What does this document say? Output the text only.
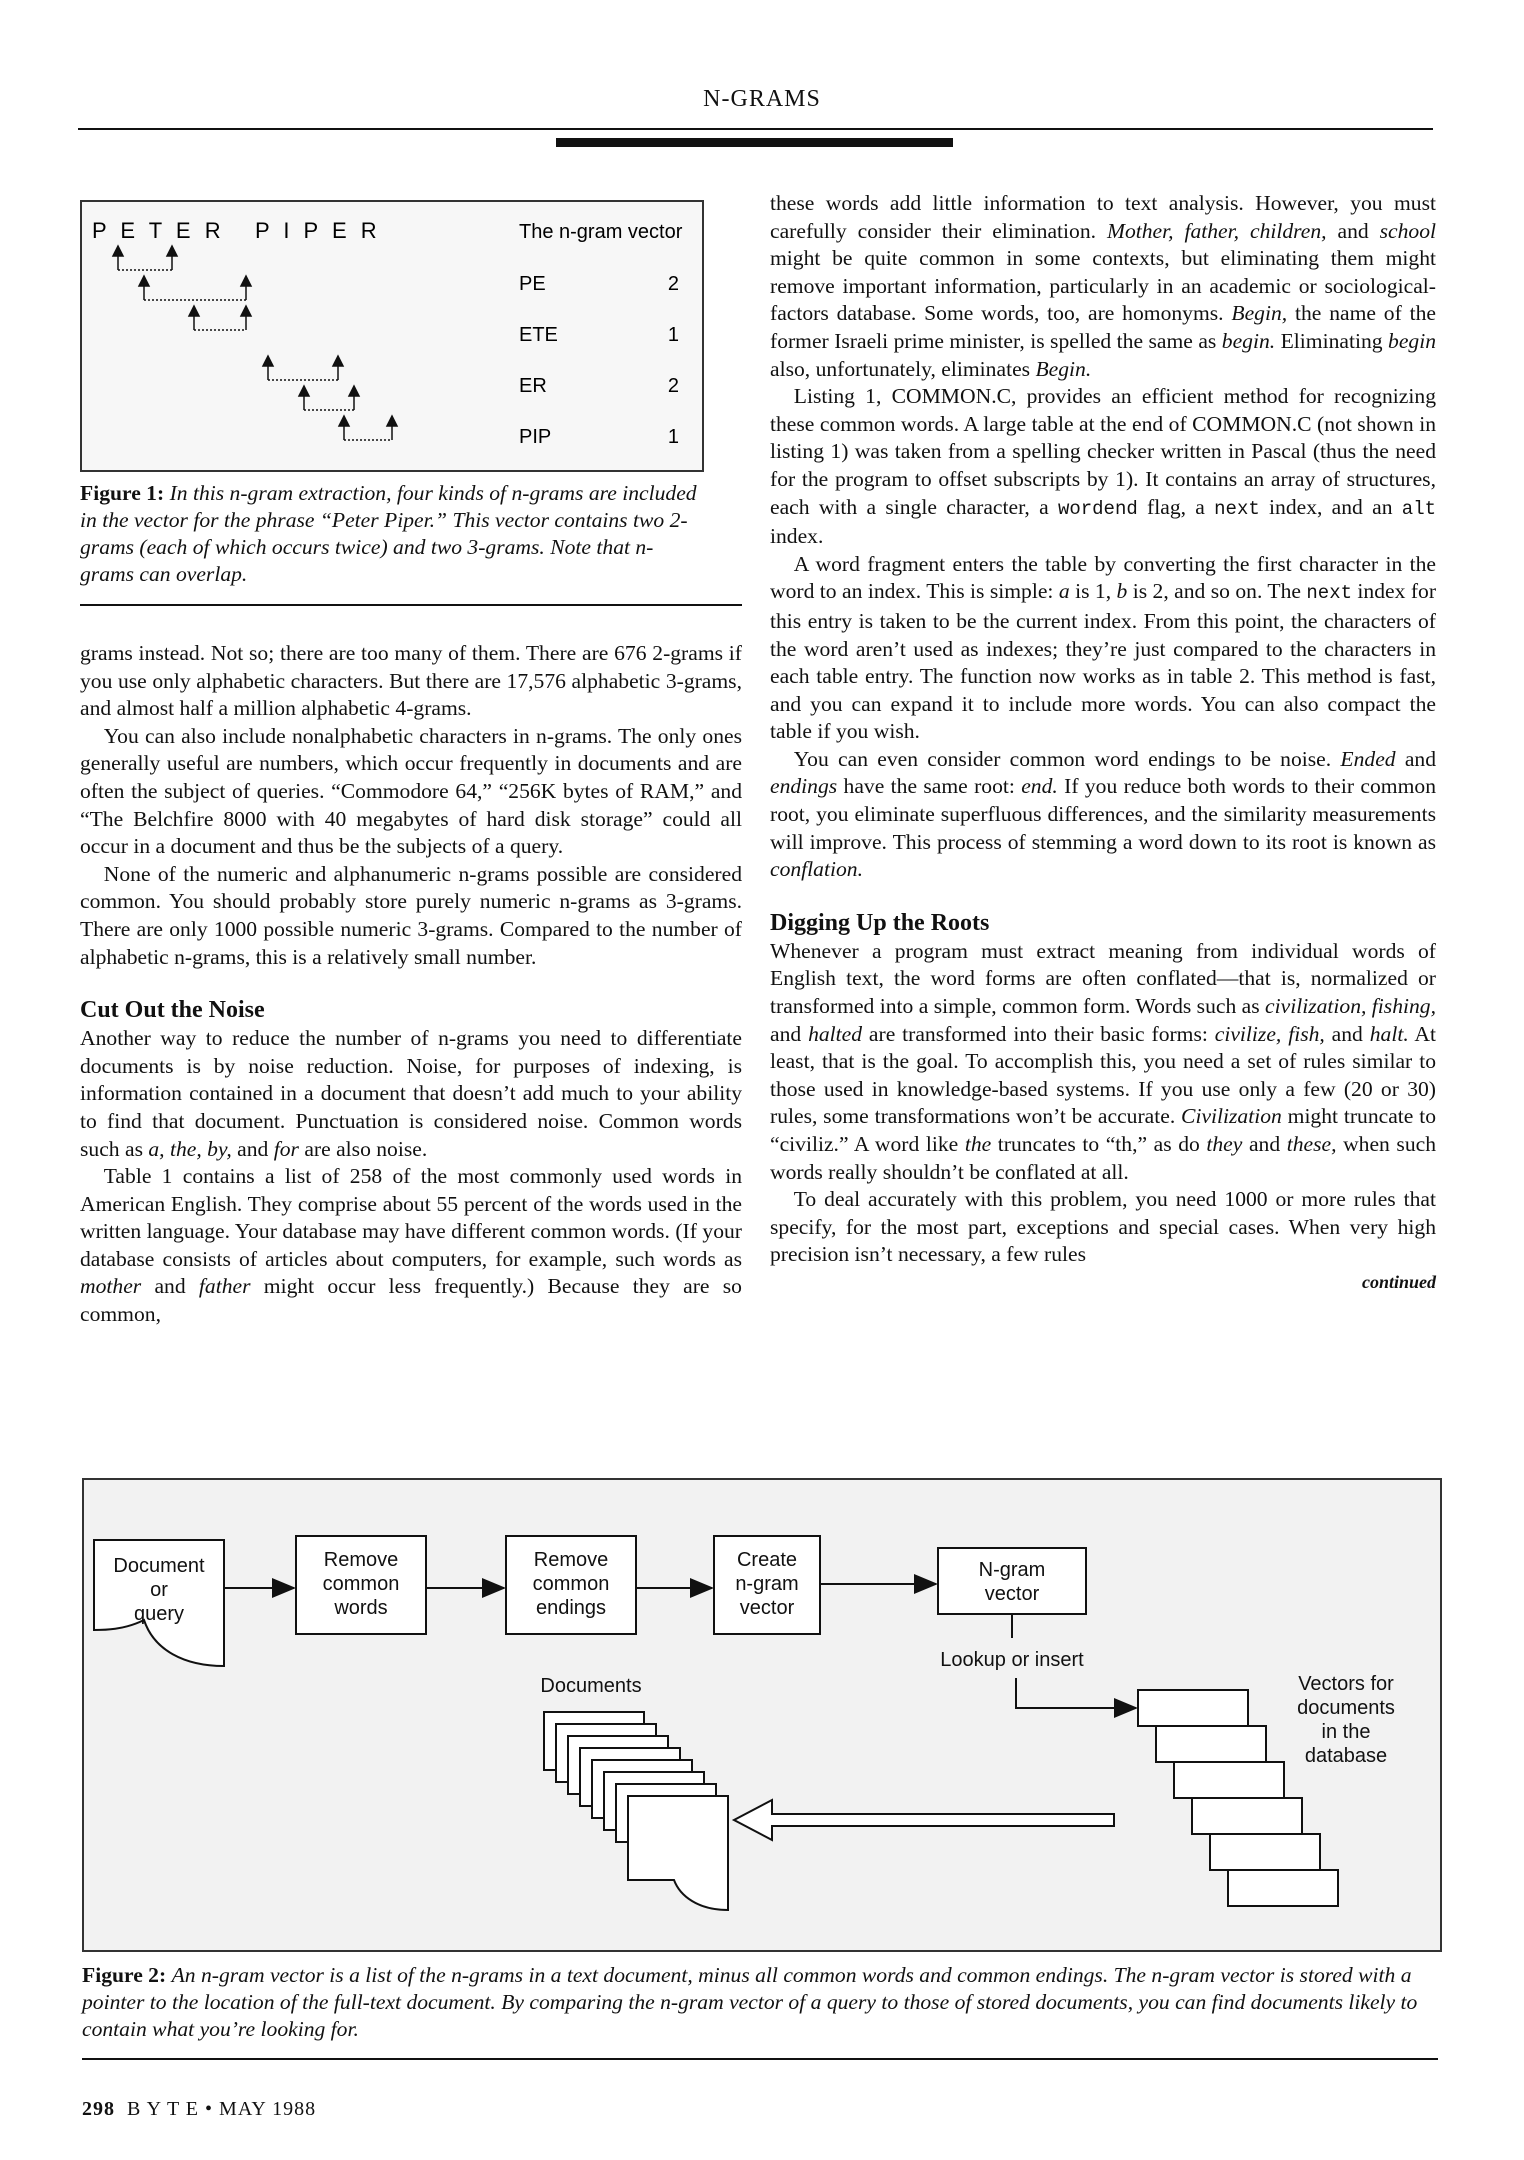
N-GRAMS
P E T E R   P I P E R	The n-gram vector
PE	2
ETE	1
ER	2
PIP	1
Figure 1: In this n-gram extraction, four kinds of n-grams are included in the vector for the phrase “Peter Piper.” This vector contains two 2-grams (each of which occurs twice) and two 3-grams. Note that n-grams can overlap.

grams instead. Not so; there are too many of them. There are 676 2-grams if you use only alphabetic characters. But there are 17,576 alphabetic 3-grams, and almost half a million alphabetic 4-grams.

You can also include nonalphabetic characters in n-grams. The only ones generally useful are numbers, which occur frequently in documents and are often the subject of queries. “Commodore 64,” “256K bytes of RAM,” and “The Belchfire 8000 with 40 megabytes of hard disk storage” could all occur in a document and thus be the subjects of a query.

None of the numeric and alphanumeric n-grams possible are considered common. You should probably store purely numeric n-grams as 3-grams. There are only 1000 possible numeric 3-grams. Compared to the number of alphabetic n-grams, this is a relatively small number.

Cut Out the Noise

Another way to reduce the number of n-grams you need to differentiate documents is by noise reduction. Noise, for purposes of indexing, is information contained in a document that doesn’t add much to your ability to find that document. Punctuation is considered noise. Common words such as a, the, by, and for are also noise.

Table 1 contains a list of 258 of the most commonly used words in American English. They comprise about 55 percent of the words used in the written language. Your database may have different common words. (If your database consists of articles about computers, for example, such words as mother and father might occur less frequently.) Because they are so common,

these words add little information to text analysis. However, you must carefully consider their elimination. Mother, father, children, and school might be quite common in some contexts, but eliminating them might remove important information, particularly in an academic or sociological-factors database. Some words, too, are homonyms. Begin, the name of the former Israeli prime minister, is spelled the same as begin. Eliminating begin also, unfortunately, eliminates Begin.

Listing 1, COMMON.C, provides an efficient method for recognizing these common words. A large table at the end of COMMON.C (not shown in listing 1) was taken from a spelling checker written in Pascal (thus the need for the program to offset subscripts by 1). It contains an array of structures, each with a single character, a wordend flag, a next index, and an alt index.

A word fragment enters the table by converting the first character in the word to an index. This is simple: a is 1, b is 2, and so on. The next index for this entry is taken to be the current index. From this point, the characters of the word aren’t used as indexes; they’re just compared to the characters in each table entry. The function now works as in table 2. This method is fast, and you can expand it to include more words. You can also compact the table if you wish.

You can even consider common word endings to be noise. Ended and endings have the same root: end. If you reduce both words to their common root, you eliminate superfluous differences, and the similarity measurements will improve. This process of stemming a word down to its root is known as conflation.

Digging Up the Roots

Whenever a program must extract meaning from individual words of English text, the word forms are often conflated—that is, normalized or transformed into a simple, common form. Words such as civilization, fishing, and halted are transformed into their basic forms: civilize, fish, and halt. At least, that is the goal. To accomplish this, you need a set of rules similar to those used in knowledge-based systems. If you use only a few (20 or 30) rules, some transformations won’t be accurate. Civilization might truncate to “civiliz.” A word like the truncates to “th,” as do they and these, when such words really shouldn’t be conflated at all.

To deal accurately with this problem, you need 1000 or more rules that specify, for the most part, exceptions and special cases. When very high precision isn’t necessary, a few rules

continued
Document
or
query
Remove
common
words
Remove
common
endings
Create
n-gram
vector
N-gram
vector
Lookup or insert
Vectors for
documents
in the
database
Documents
Figure 2: An n-gram vector is a list of the n-grams in a text document, minus all common words and common endings. The n-gram vector is stored with a pointer to the location of the full-text document. By comparing the n-gram vector of a query to those of stored documents, you can find documents likely to contain what you’re looking for.
298 B Y T E • MAY 1988
